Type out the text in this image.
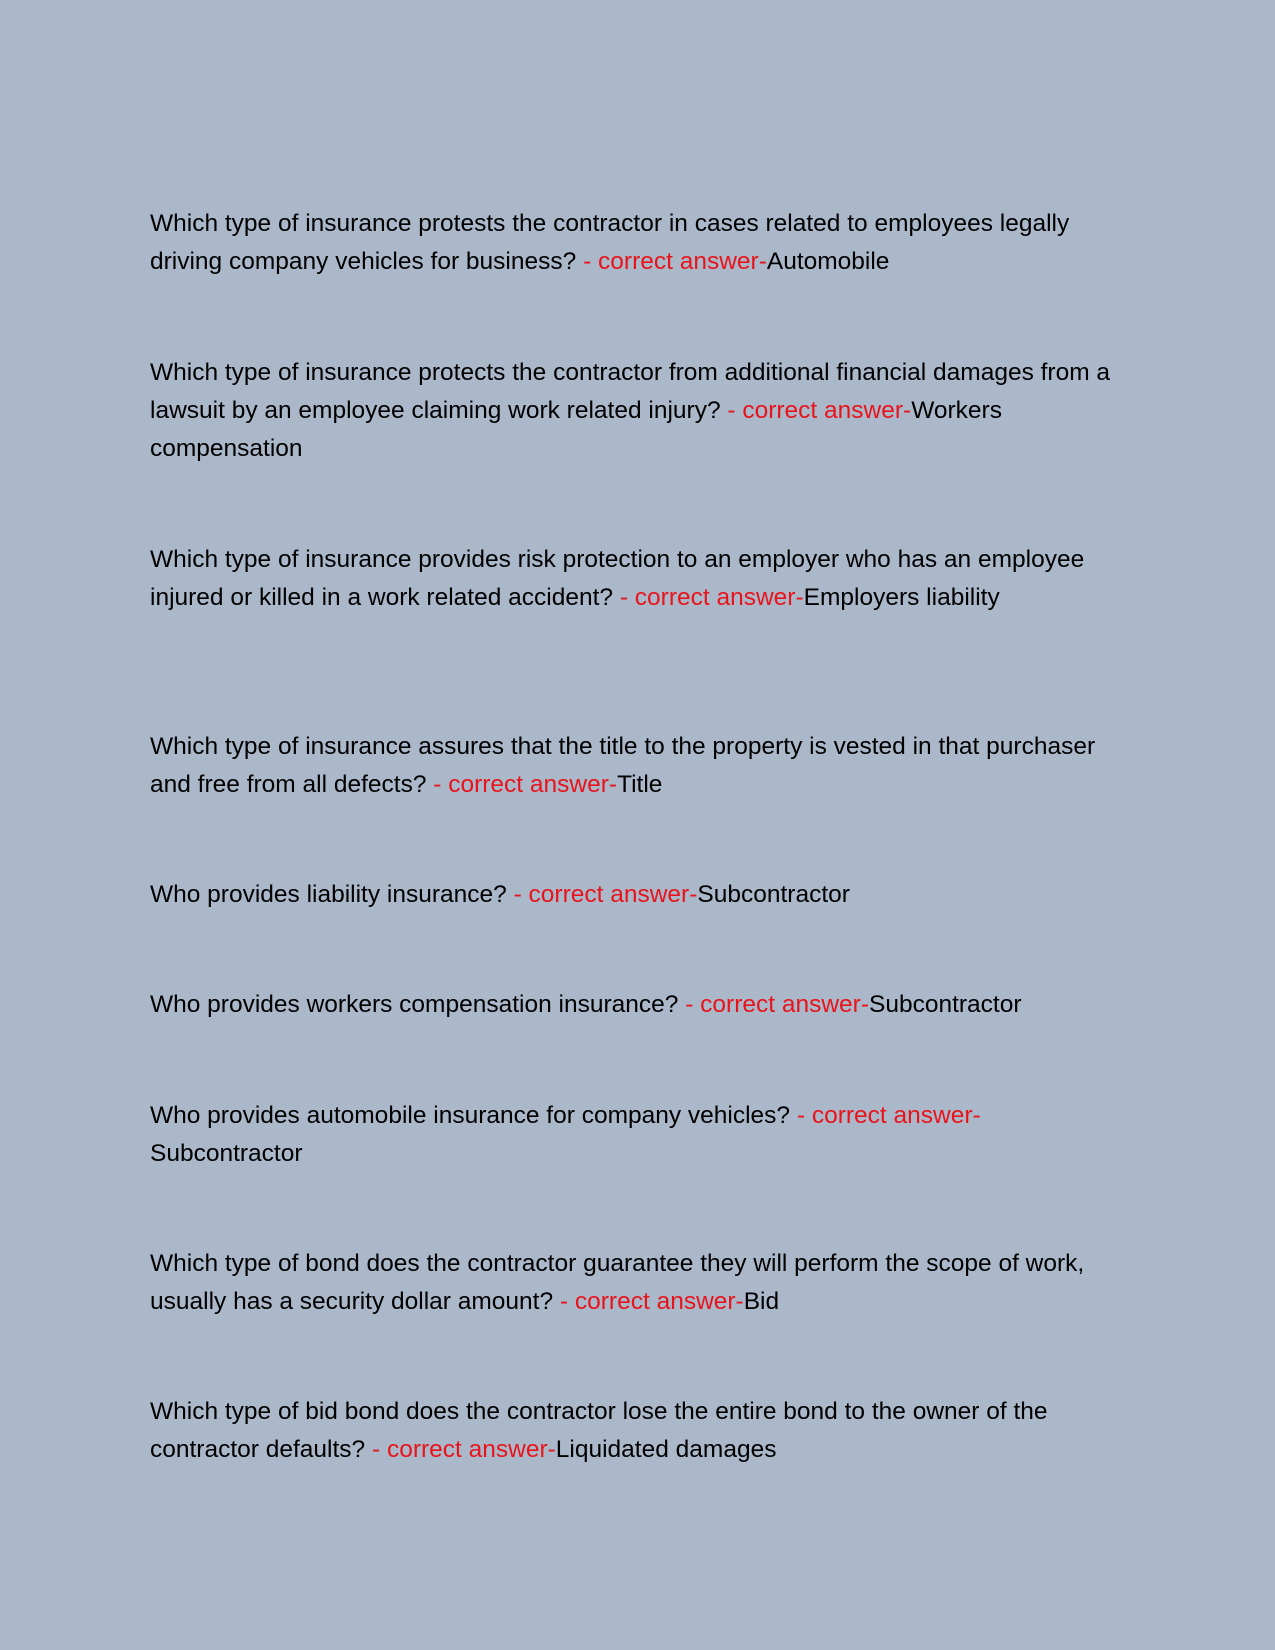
Which type of insurance protests the contractor in cases related to employees legally driving company vehicles for business? - correct answer-Automobile

Which type of insurance protects the contractor from additional financial damages from a lawsuit by an employee claiming work related injury? - correct answer-Workers compensation

Which type of insurance provides risk protection to an employer who has an employee injured or killed in a work related accident? - correct answer-Employers liability

Which type of insurance assures that the title to the property is vested in that purchaser and free from all defects? - correct answer-Title

Who provides liability insurance? - correct answer-Subcontractor

Who provides workers compensation insurance? - correct answer-Subcontractor

Who provides automobile insurance for company vehicles? - correct answer-Subcontractor

Which type of bond does the contractor guarantee they will perform the scope of work, usually has a security dollar amount? - correct answer-Bid

Which type of bid bond does the contractor lose the entire bond to the owner of the contractor defaults? - correct answer-Liquidated damages
